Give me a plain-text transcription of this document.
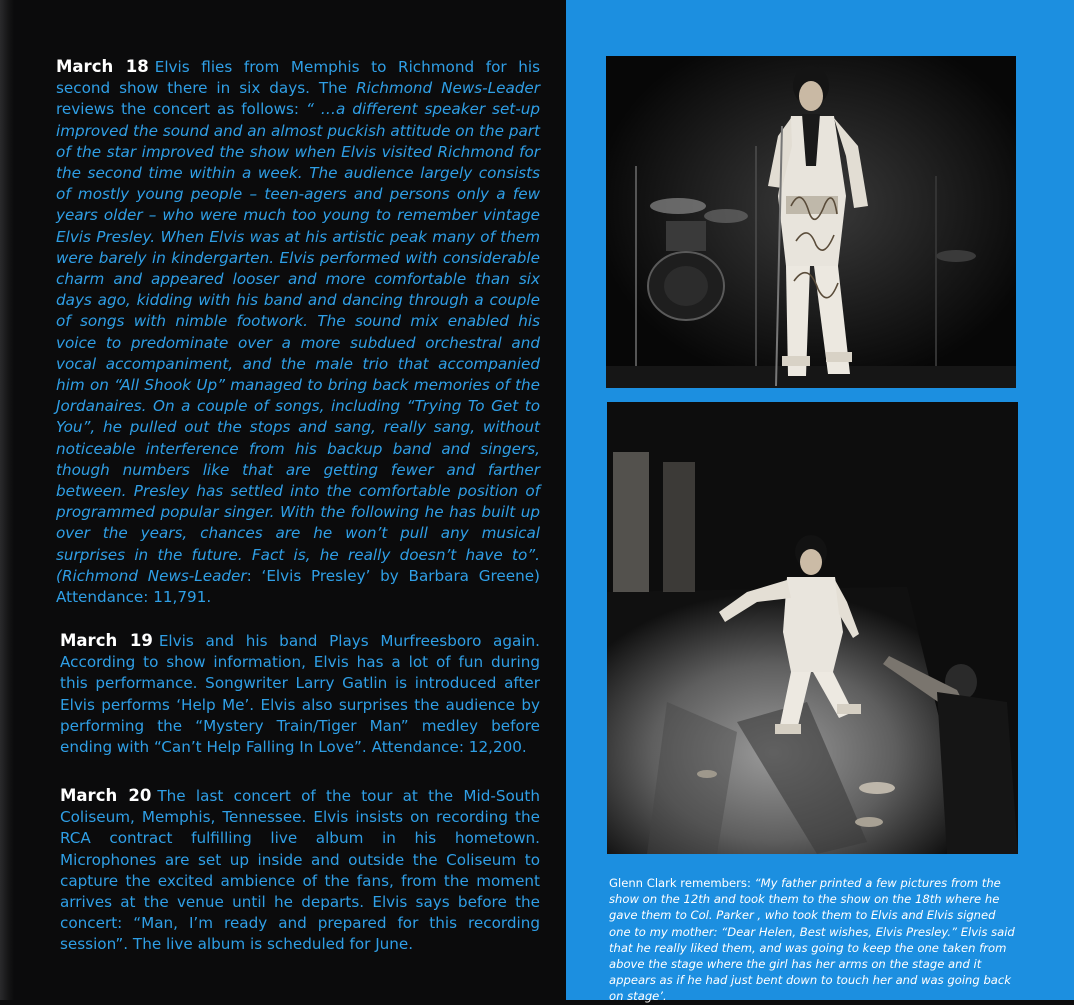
March 18 Elvis flies from Memphis to Richmond for his second show there in six days. The Richmond News-Leader reviews the concert as follows: “ …a different speaker set-up improved the sound and an almost puckish attitude on the part of the star improved the show when Elvis visited Richmond for the second time within a week. The audience largely consists of mostly young people – teen-agers and persons only a few years older – who were much too young to remember vintage Elvis Presley. When Elvis was at his artistic peak many of them were barely in kindergarten. Elvis performed with considerable charm and appeared looser and more comfortable than six days ago, kidding with his band and dancing through a couple of songs with nimble footwork. The sound mix enabled his voice to predominate over a more subdued orchestral and vocal accompaniment, and the male trio that accompanied him on “All Shook Up” managed to bring back memories of the Jordanaires. On a couple of songs, including “Trying To Get to You”, he pulled out the stops and sang, really sang, without noticeable interference from his backup band and singers, though numbers like that are getting fewer and farther between. Presley has settled into the comfortable position of programmed popular singer. With the following he has built up over the years, chances are he won’t pull any musical surprises in the future. Fact is, he really doesn’t have to”. (Richmond News-Leader: ‘Elvis Presley’ by Barbara Greene) Attendance: 11,791.

March 19 Elvis and his band Plays Murfreesboro again. According to show information, Elvis has a lot of fun during this performance. Songwriter Larry Gatlin is introduced after Elvis performs ‘Help Me’. Elvis also surprises the audience by performing the “Mystery Train/Tiger Man” medley before ending with “Can’t Help Falling In Love”. Attendance: 12,200.

March 20 The last concert of the tour at the Mid-South Coliseum, Memphis, Tennessee. Elvis insists on recording the RCA contract fulfilling live album in his hometown. Microphones are set up inside and outside the Coliseum to capture the excited ambience of the fans, from the moment arrives at the venue until he departs. Elvis says before the concert: “Man, I’m ready and prepared for this recording session”. The live album is scheduled for June.

Glenn Clark remembers: “My father printed a few pictures from the show on the 12th and took them to the show on the 18th where he gave them to Col. Parker , who took them to Elvis and Elvis signed one to my mother: “Dear Helen, Best wishes, Elvis Presley.” Elvis said that he really liked them, and was going to keep the one taken from above the stage where the girl has her arms on the stage and it appears as if he had just bent down to touch her and was going back on stage’.
